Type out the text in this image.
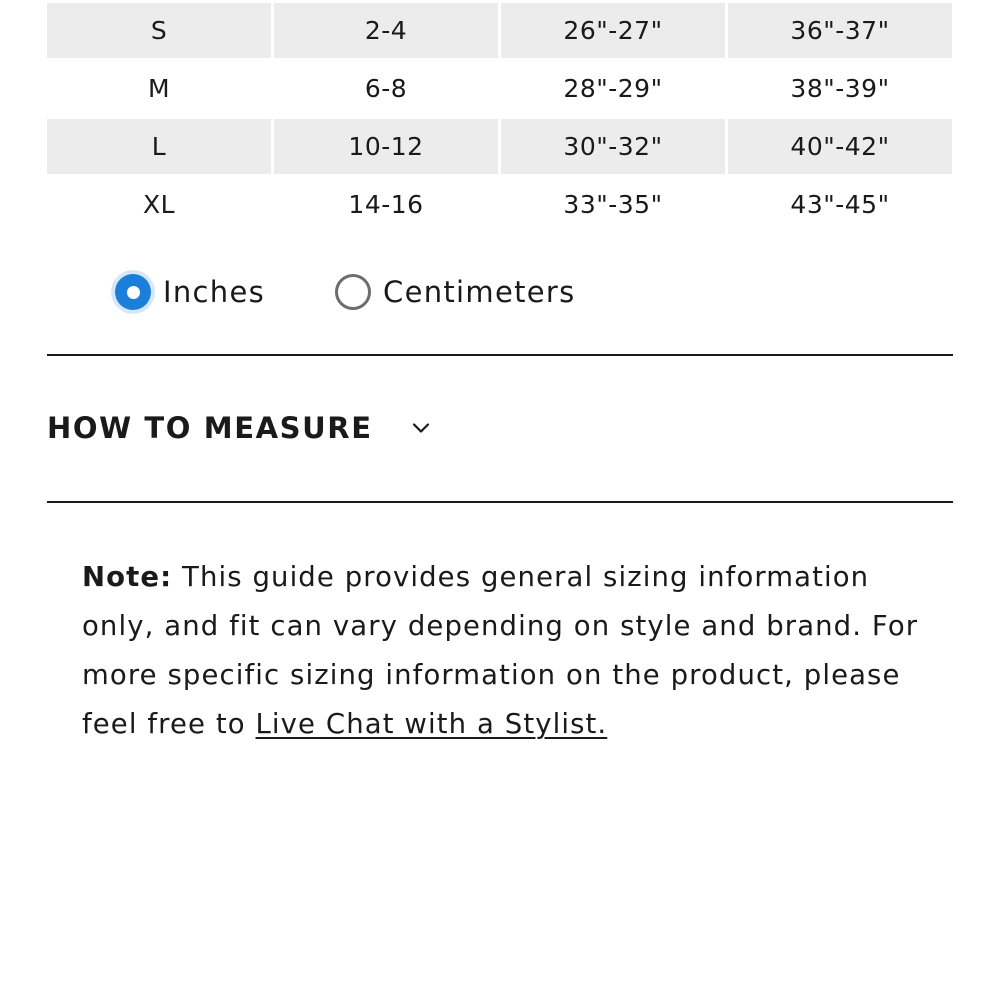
S	2-4	26"-27"	36"-37"
M	6-8	28"-29"	38"-39"
L	10-12	30"-32"	40"-42"
XL	14-16	33"-35"	43"-45"
Inches	Centimeters
HOW TO MEASURE

Note: This guide provides general sizing information only, and fit can vary depending on style and brand. For more specific sizing information on the product, please feel free to Live Chat with a Stylist.
